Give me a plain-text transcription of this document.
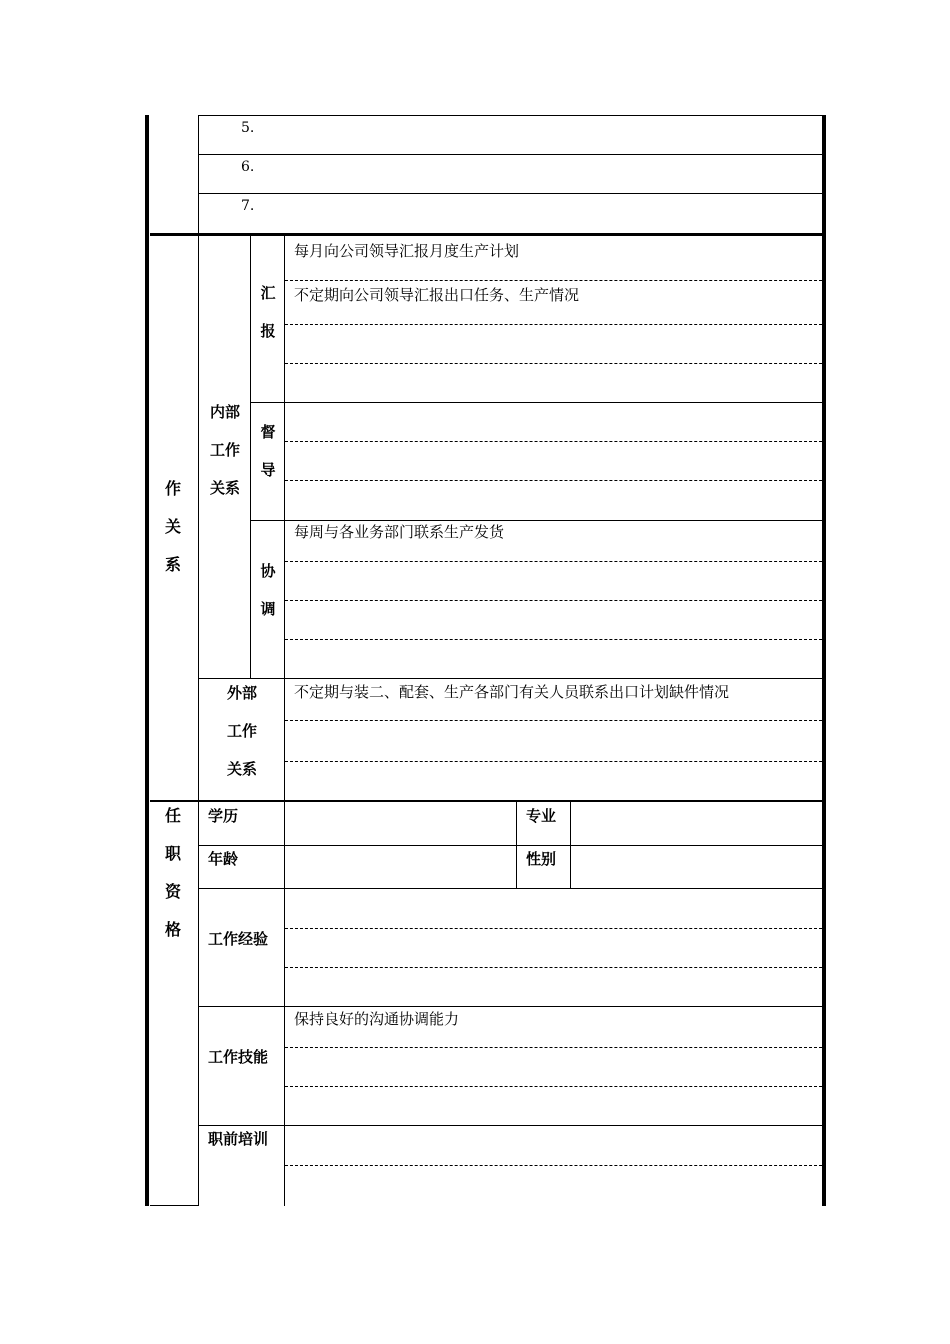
5.
6.
7.
作
关
系
内部
工作
关系
汇
报
每月向公司领导汇报月度生产计划
不定期向公司领导汇报出口任务、生产情况
督
导
协
调
每周与各业务部门联系生产发货
外部
工作
关系
不定期与装二、配套、生产各部门有关人员联系出口计划缺件情况
任
职
资
格
学历	专业
年龄	性别
工作经验
工作技能
保持良好的沟通协调能力
职前培训
